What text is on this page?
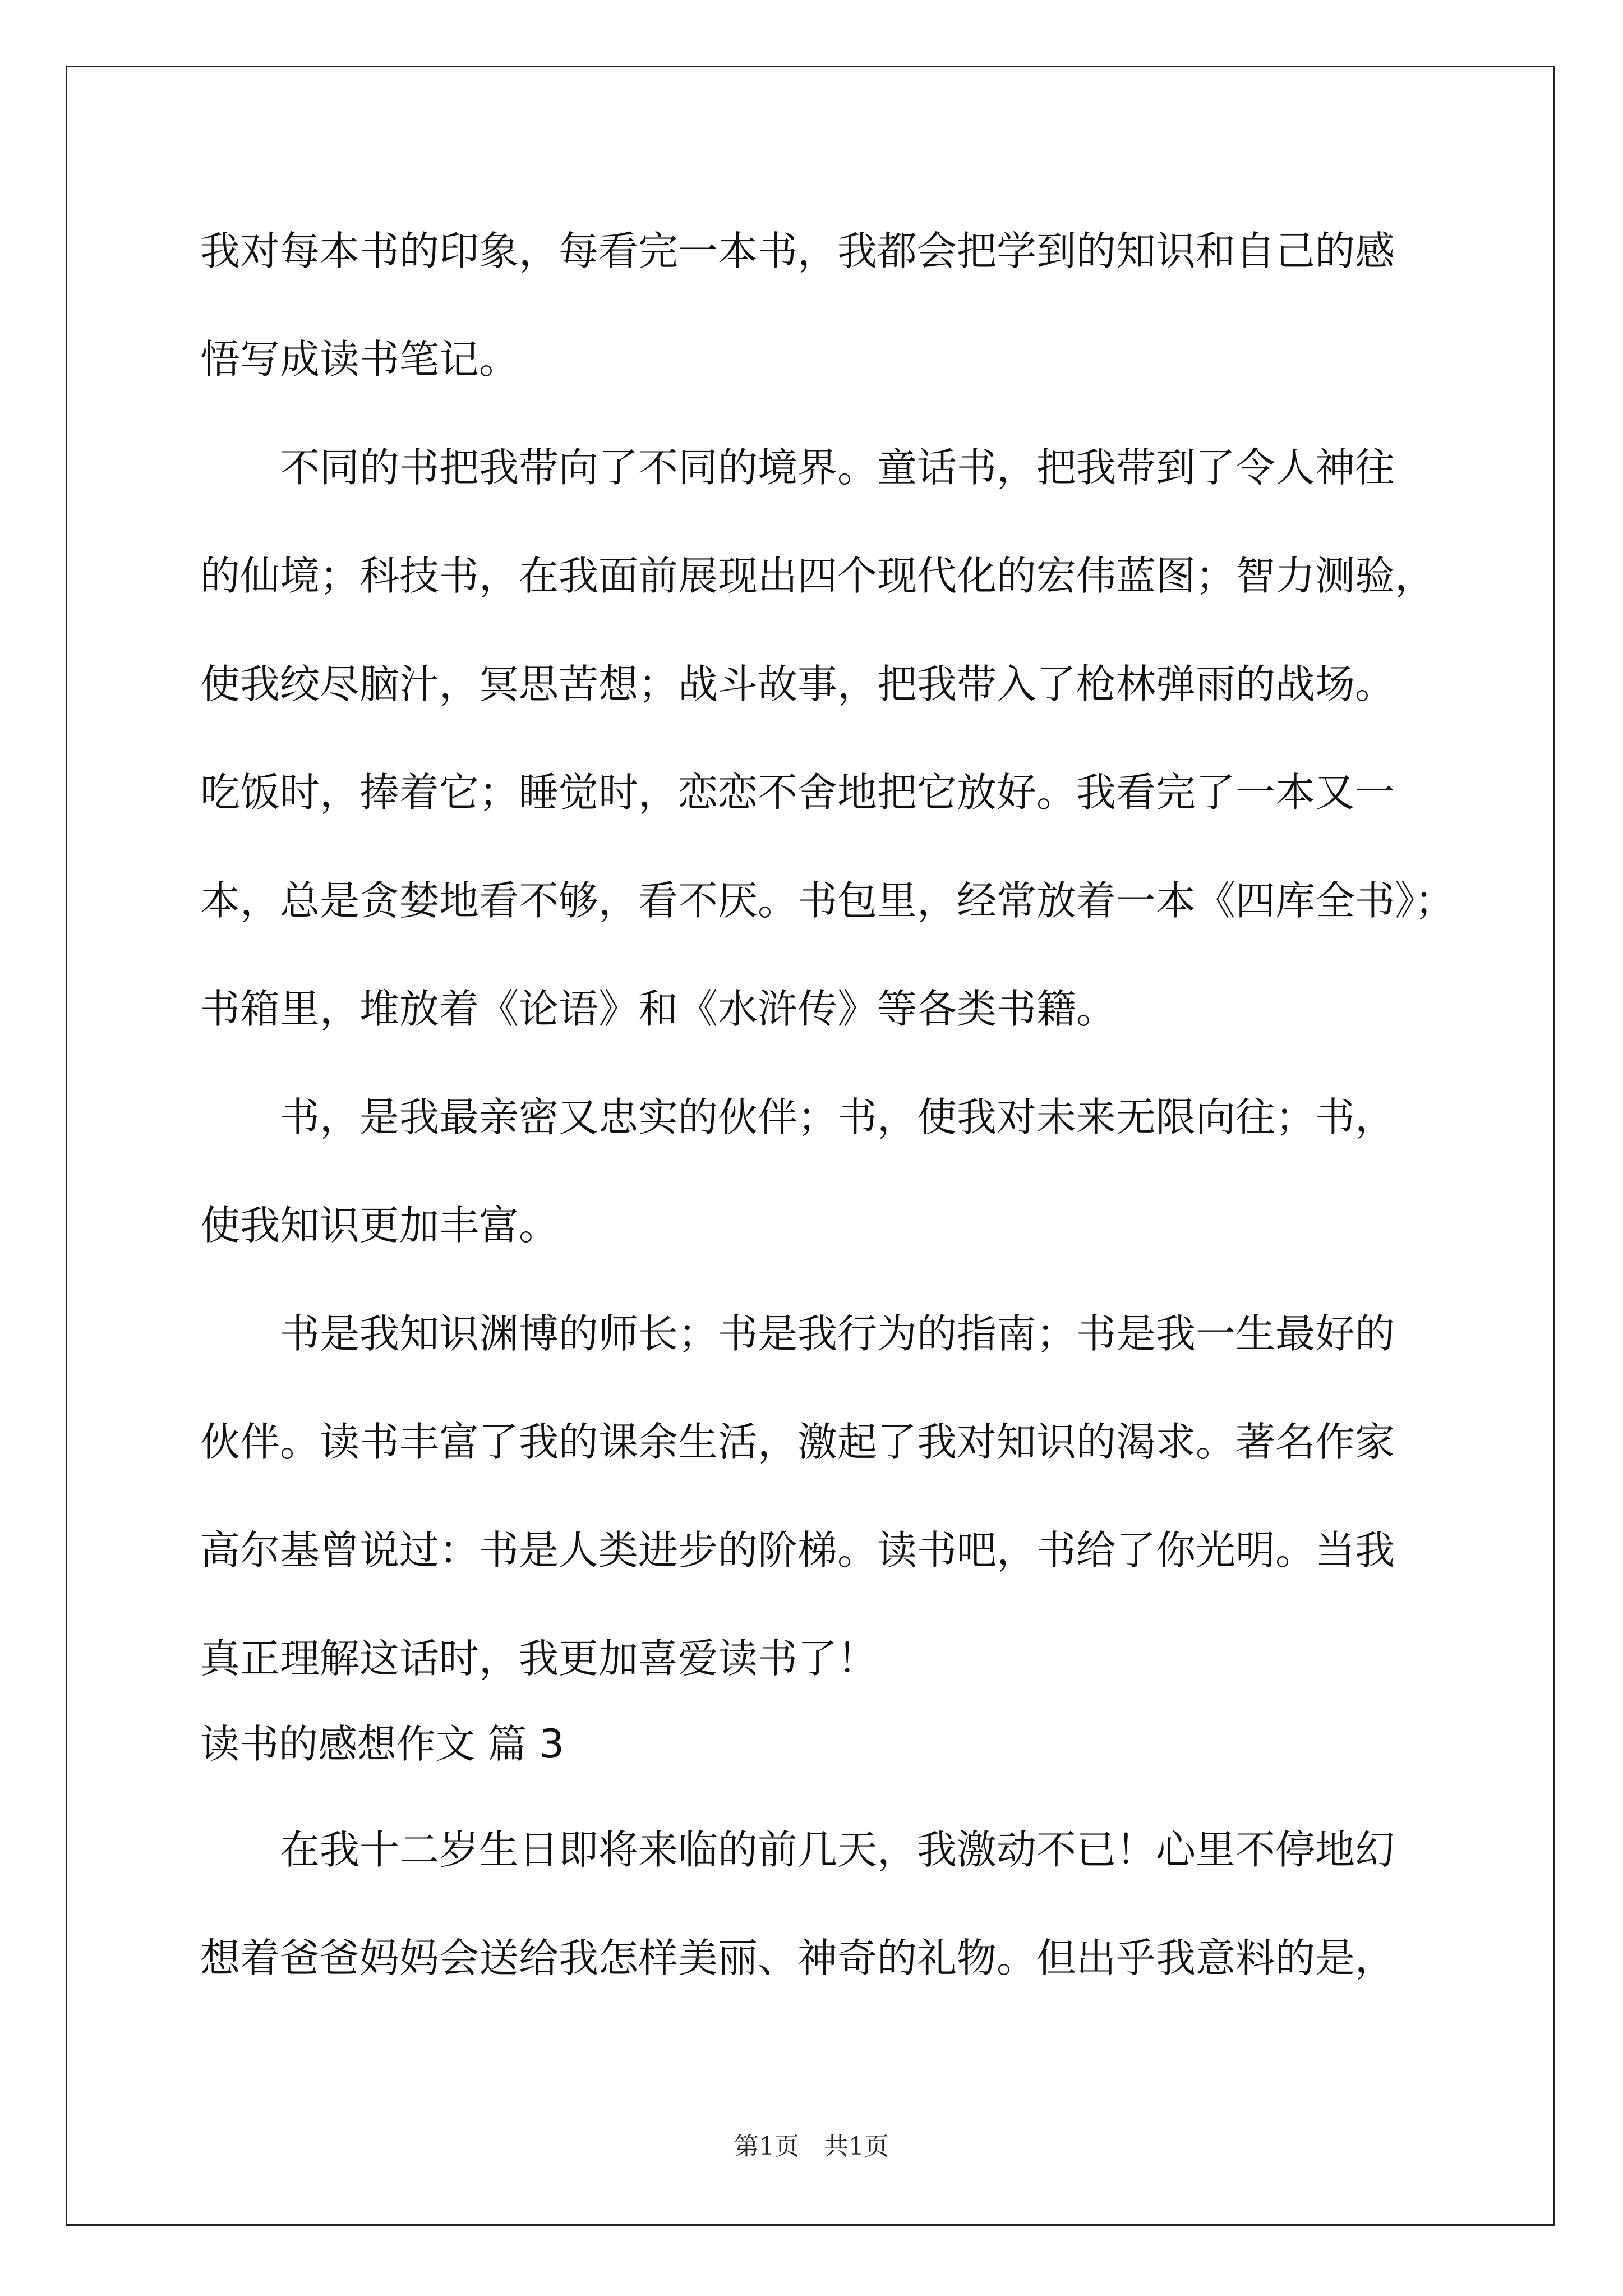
我对每本书的印象，每看完一本书，我都会把学到的知识和自己的感

悟写成读书笔记。

　　不同的书把我带向了不同的境界。童话书，把我带到了令人神往

的仙境；科技书，在我面前展现出四个现代化的宏伟蓝图；智力测验，

使我绞尽脑汁，冥思苦想；战斗故事，把我带入了枪林弹雨的战场。

吃饭时，捧着它；睡觉时，恋恋不舍地把它放好。我看完了一本又一

本，总是贪婪地看不够，看不厌。书包里，经常放着一本《四库全书》；

书箱里，堆放着《论语》和《水浒传》等各类书籍。

　　书，是我最亲密又忠实的伙伴；书，使我对未来无限向往；书，

使我知识更加丰富。

　　书是我知识渊博的师长；书是我行为的指南；书是我一生最好的

伙伴。读书丰富了我的课余生活，激起了我对知识的渴求。著名作家

高尔基曾说过：书是人类进步的阶梯。读书吧，书给了你光明。当我

真正理解这话时，我更加喜爱读书了！

读书的感想作文 篇 3

　　在我十二岁生日即将来临的前几天，我激动不已！心里不停地幻

想着爸爸妈妈会送给我怎样美丽、神奇的礼物。但出乎我意料的是，

第1页　共1页
